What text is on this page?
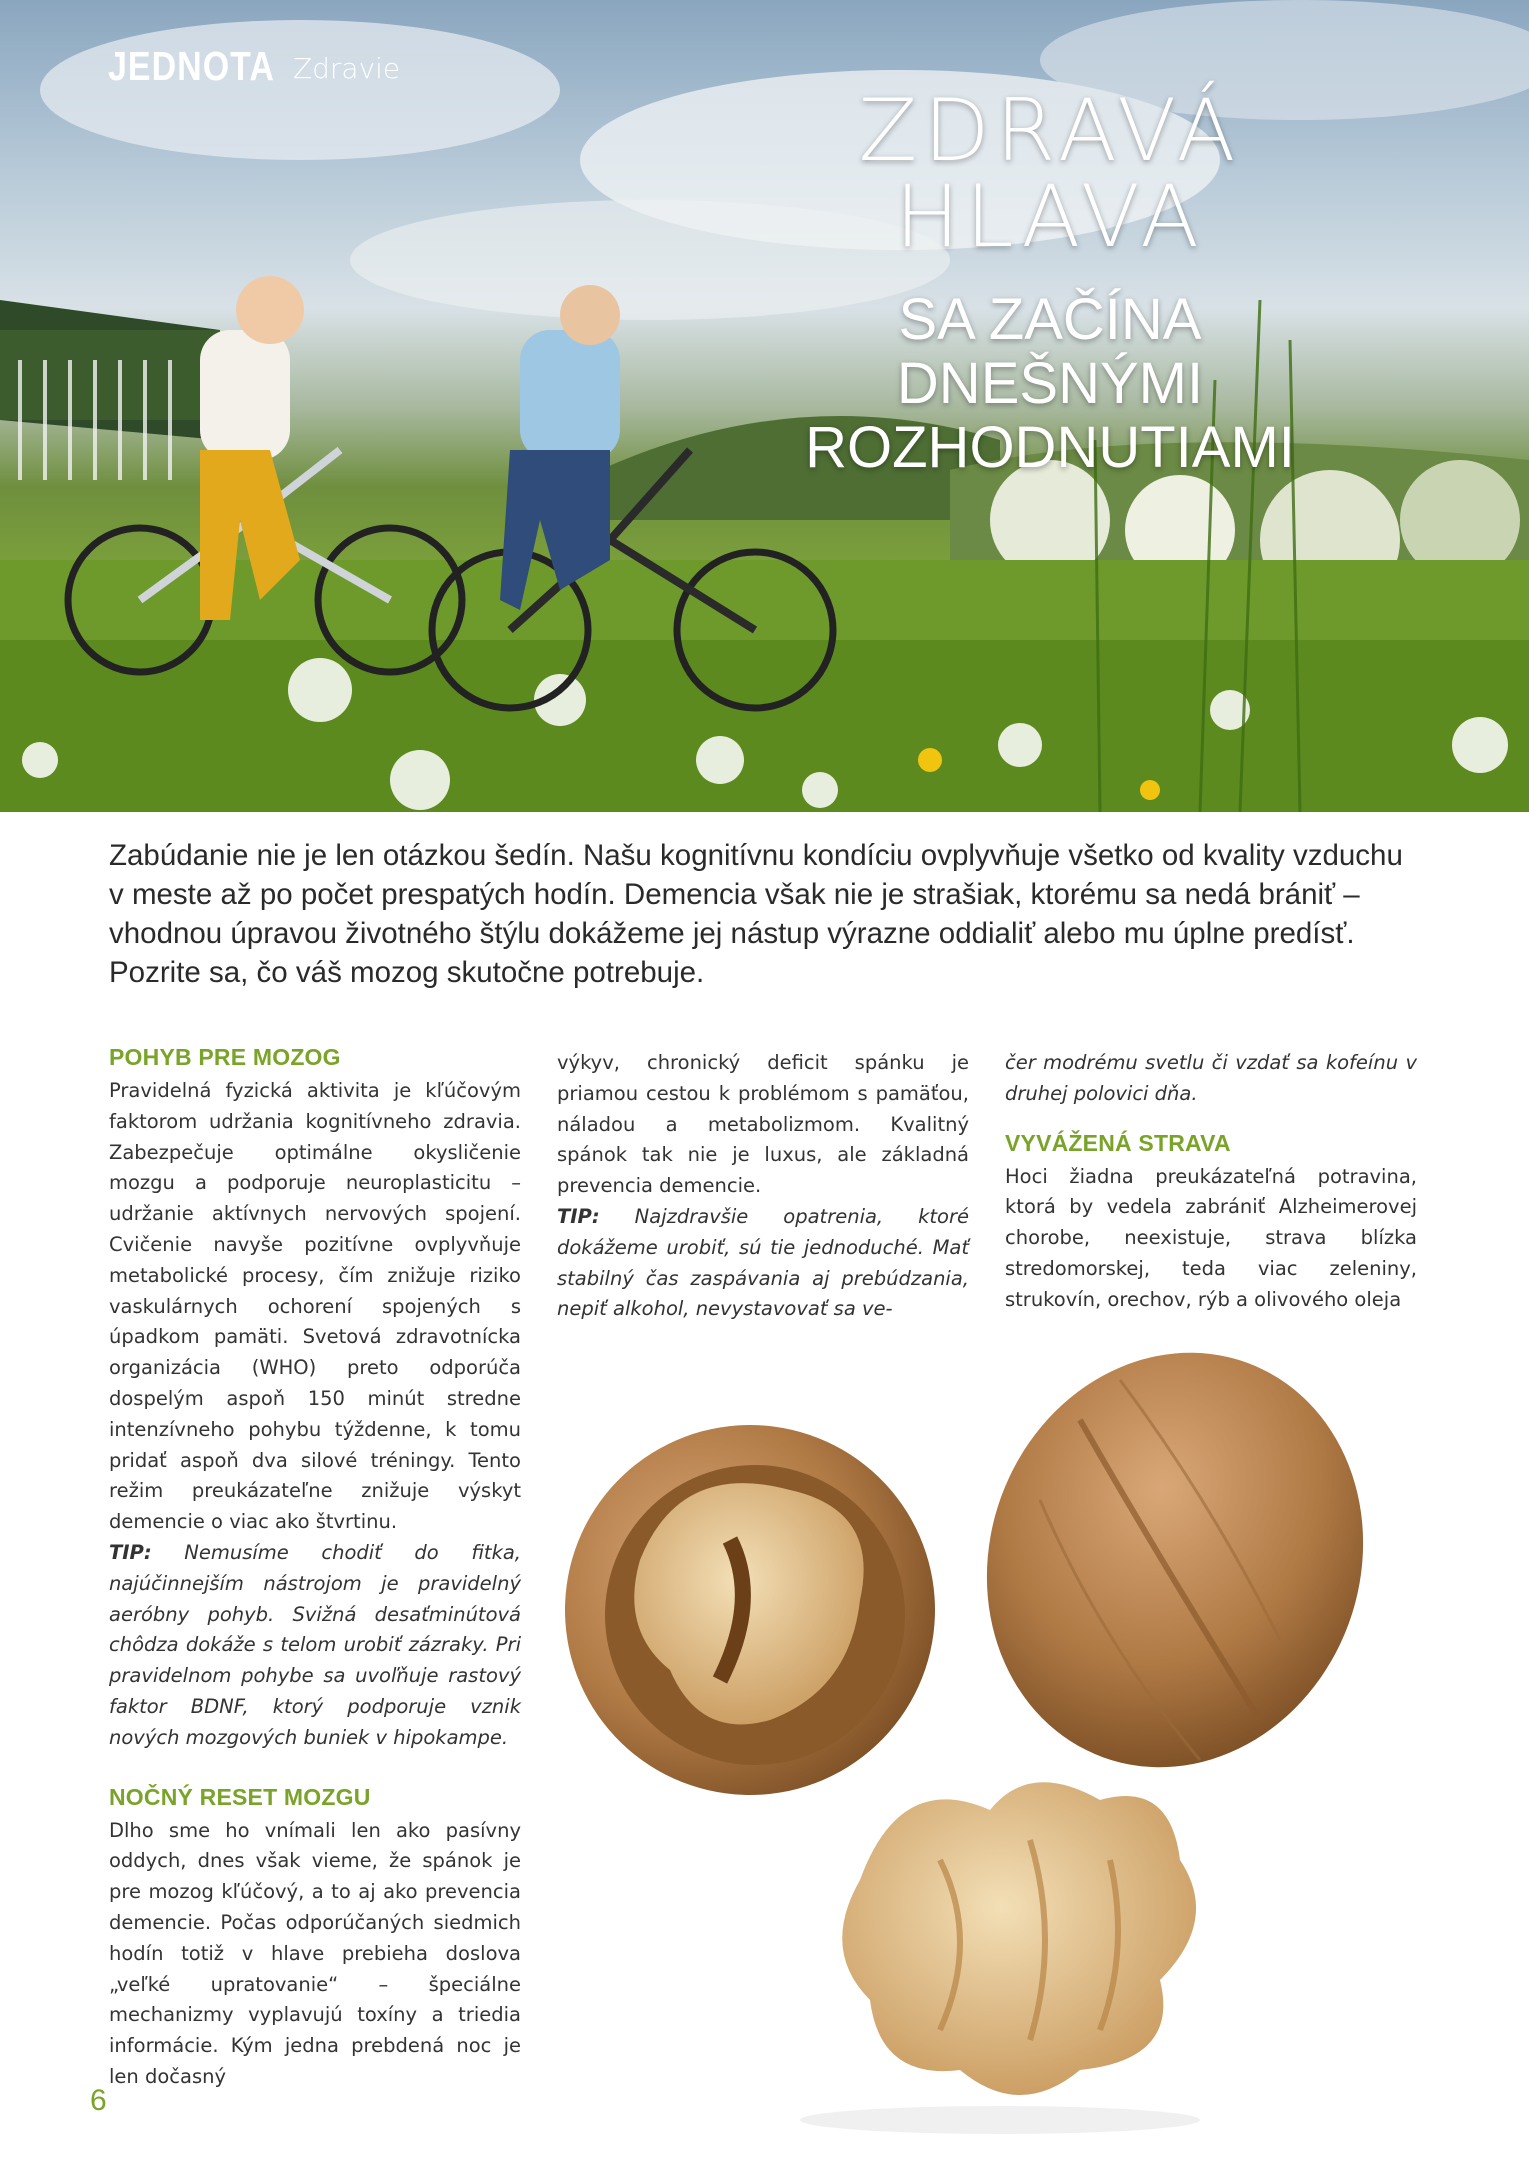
JEDNOTA Zdravie
ZDRAVÁ HLAVA
SA ZAČÍNA
DNEŠNÝMI
ROZHODNUTIAMI
Zabúdanie nie je len otázkou šedín. Našu kognitívnu kondíciu ovplyvňuje všetko od kvality vzduchu v meste až po počet prespatých hodín. Demencia však nie je strašiak, ktorému sa nedá brániť – vhodnou úpravou životného štýlu dokážeme jej nástup výrazne oddialiť alebo mu úplne predísť. Pozrite sa, čo váš mozog skutočne potrebuje.
POHYB PRE MOZOG

Pravidelná fyzická aktivita je kľúčovým faktorom udržania kognitívneho zdravia. Zabezpečuje optimálne okysličenie mozgu a podporuje neuroplasticitu – udržanie aktívnych nervových spojení. Cvičenie navyše pozitívne ovplyvňuje metabolické procesy, čím znižuje riziko vaskulárnych ochorení spojených s úpadkom pamäti. Svetová zdravotnícka organizácia (WHO) preto odporúča dospelým aspoň 150 minút stredne intenzívneho pohybu týždenne, k tomu pridať aspoň dva silové tréningy. Tento režim preukázateľne znižuje výskyt demencie o viac ako štvrtinu.

TIP: Nemusíme chodiť do fitka, najúčinnejším nástrojom je pravidelný aeróbny pohyb. Svižná desaťminútová chôdza dokáže s telom urobiť zázraky. Pri pravidelnom pohybe sa uvoľňuje rastový faktor BDNF, ktorý podporuje vznik nových mozgových buniek v hipokampe.

NOČNÝ RESET MOZGU

Dlho sme ho vnímali len ako pasívny oddych, dnes však vieme, že spánok je pre mozog kľúčový, a to aj ako prevencia demencie. Počas odporúčaných siedmich hodín totiž v hlave prebieha doslova „veľké upratovanie“ – špeciálne mechanizmy vyplavujú toxíny a triedia informácie. Kým jedna prebdená noc je len dočasný

výkyv, chronický deficit spánku je priamou cestou k problémom s pamäťou, náladou a metabolizmom. Kvalitný spánok tak nie je luxus, ale základná prevencia demencie.

TIP: Najzdravšie opatrenia, ktoré dokážeme urobiť, sú tie jednoduché. Mať stabilný čas zaspávania aj prebúdzania, nepiť alkohol, nevystavovať sa ve-

čer modrému svetlu či vzdať sa kofeínu v druhej polovici dňa.

VYVÁŽENÁ STRAVA

Hoci žiadna preukázateľná potravina, ktorá by vedela zabrániť Alzheimerovej chorobe, neexistuje, strava blízka stredomorskej, teda viac zeleniny, strukovín, orechov, rýb a olivového oleja

6
